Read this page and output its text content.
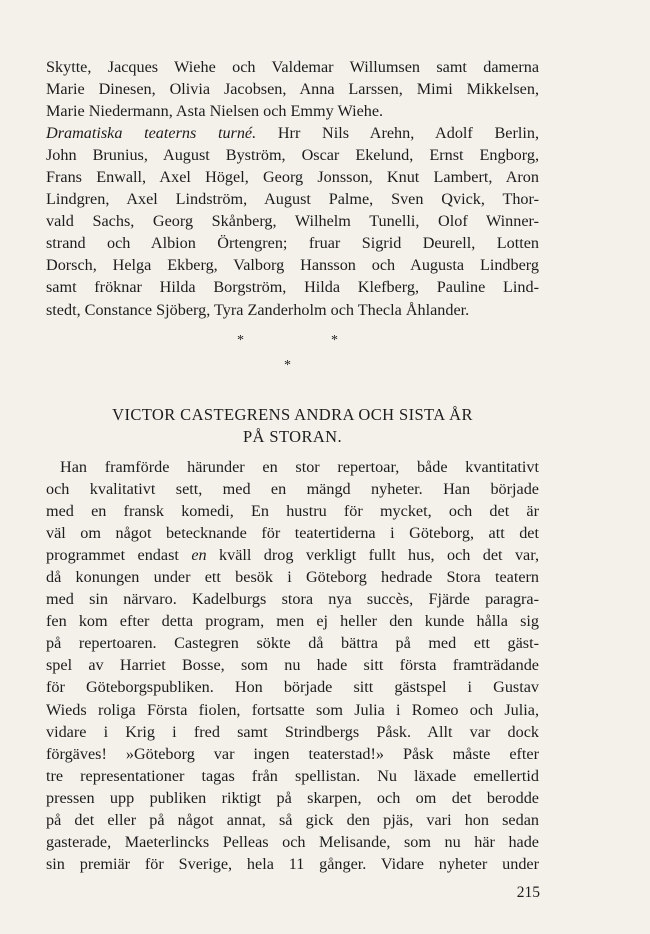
Skytte, Jacques Wiehe och Valdemar Willumsen samt damerna
Marie Dinesen, Olivia Jacobsen, Anna Larssen, Mimi Mikkelsen,
Marie Niedermann, Asta Nielsen och Emmy Wiehe.
Dramatiska teaterns turné. Hrr Nils Arehn, Adolf Berlin,
John Brunius, August Byström, Oscar Ekelund, Ernst Engborg,
Frans Enwall, Axel Högel, Georg Jonsson, Knut Lambert, Aron
Lindgren, Axel Lindström, August Palme, Sven Qvick, Thor-
vald Sachs, Georg Skånberg, Wilhelm Tunelli, Olof Winner-
strand och Albion Örtengren; fruar Sigrid Deurell, Lotten
Dorsch, Helga Ekberg, Valborg Hansson och Augusta Lindberg
samt fröknar Hilda Borgström, Hilda Klefberg, Pauline Lind-
stedt, Constance Sjöberg, Tyra Zanderholm och Thecla Åhlander.
*	*
*
VICTOR CASTEGRENS ANDRA OCH SISTA ÅR
PÅ STORAN.
Han framförde härunder en stor repertoar, både kvantitativt
och kvalitativt sett, med en mängd nyheter. Han började
med en fransk komedi, En hustru för mycket, och det är
väl om något betecknande för teatertiderna i Göteborg, att det
programmet endast en kväll drog verkligt fullt hus, och det var,
då konungen under ett besök i Göteborg hedrade Stora teatern
med sin närvaro. Kadelburgs stora nya succès, Fjärde paragra-
fen kom efter detta program, men ej heller den kunde hålla sig
på repertoaren. Castegren sökte då bättra på med ett gäst-
spel av Harriet Bosse, som nu hade sitt första framträdande
för Göteborgspubliken. Hon började sitt gästspel i Gustav
Wieds roliga Första fiolen, fortsatte som Julia i Romeo och Julia,
vidare i Krig i fred samt Strindbergs Påsk. Allt var dock
förgäves! »Göteborg var ingen teaterstad!» Påsk måste efter
tre representationer tagas från spellistan. Nu läxade emellertid
pressen upp publiken riktigt på skarpen, och om det berodde
på det eller på något annat, så gick den pjäs, vari hon sedan
gasterade, Maeterlincks Pelleas och Melisande, som nu här hade
sin premiär för Sverige, hela 11 gånger. Vidare nyheter under
215
